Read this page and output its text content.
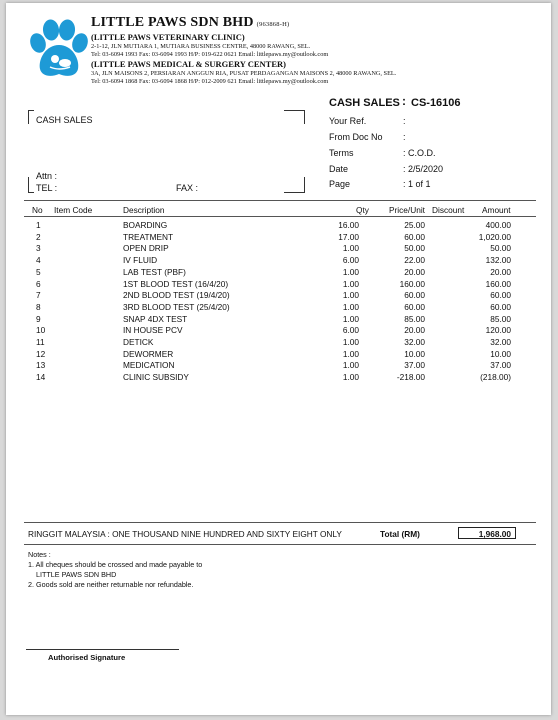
LITTLE PAWS SDN BHD (963868-H)
(LITTLE PAWS VETERINARY CLINIC)
2-1-12, JLN MUTIARA 1, MUTIARA BUSINESS CENTRE, 48000 RAWANG, SEL.
Tel: 03-6094 1993 Fax: 03-6094 1993 H/P: 019-622 0621 Email: littlepaws.my@outlook.com
(LITTLE PAWS MEDICAL & SURGERY CENTER)
3A, JLN MAISONS 2, PERSIARAN ANGGUN RIA, PUSAT PERDAGANGAN MAISONS 2, 48000 RAWANG, SEL.
Tel: 03-6094 1868 Fax: 03-6094 1868 H/P: 012-2009 621 Email: littlepaws.my@outlook.com
CASH SALES
Attn :
TEL :	FAX :
CASH SALES : CS-16106
Your Ref.	:
From Doc No :
Terms	: C.O.D.
Date	: 2/5/2020
Page	: 1 of 1
No Item Code	Description	Qty Price/Unit Discount Amount
1	BOARDING	16.00	25.00	400.00
2	TREATMENT	17.00	60.00	1,020.00
3	OPEN DRIP	1.00	50.00	50.00
4	IV FLUID	6.00	22.00	132.00
5	LAB TEST (PBF)	1.00	20.00	20.00
6	1ST BLOOD TEST (16/4/20)	1.00	160.00	160.00
7	2ND BLOOD TEST (19/4/20)	1.00	60.00	60.00
8	3RD BLOOD TEST (25/4/20)	1.00	60.00	60.00
9	SNAP 4DX TEST	1.00	85.00	85.00
10	IN HOUSE PCV	6.00	20.00	120.00
11	DETICK	1.00	32.00	32.00
12	DEWORMER	1.00	10.00	10.00
13	MEDICATION	1.00	37.00	37.00
14	CLINIC SUBSIDY	1.00	-218.00	(218.00)
RINGGIT MALAYSIA : ONE THOUSAND NINE HUNDRED AND SIXTY EIGHT ONLY	Total (RM)	1,968.00
Notes :
1. All cheques should be crossed and made payable to
LITTLE PAWS SDN BHD
2. Goods sold are neither returnable nor refundable.
Authorised Signature
